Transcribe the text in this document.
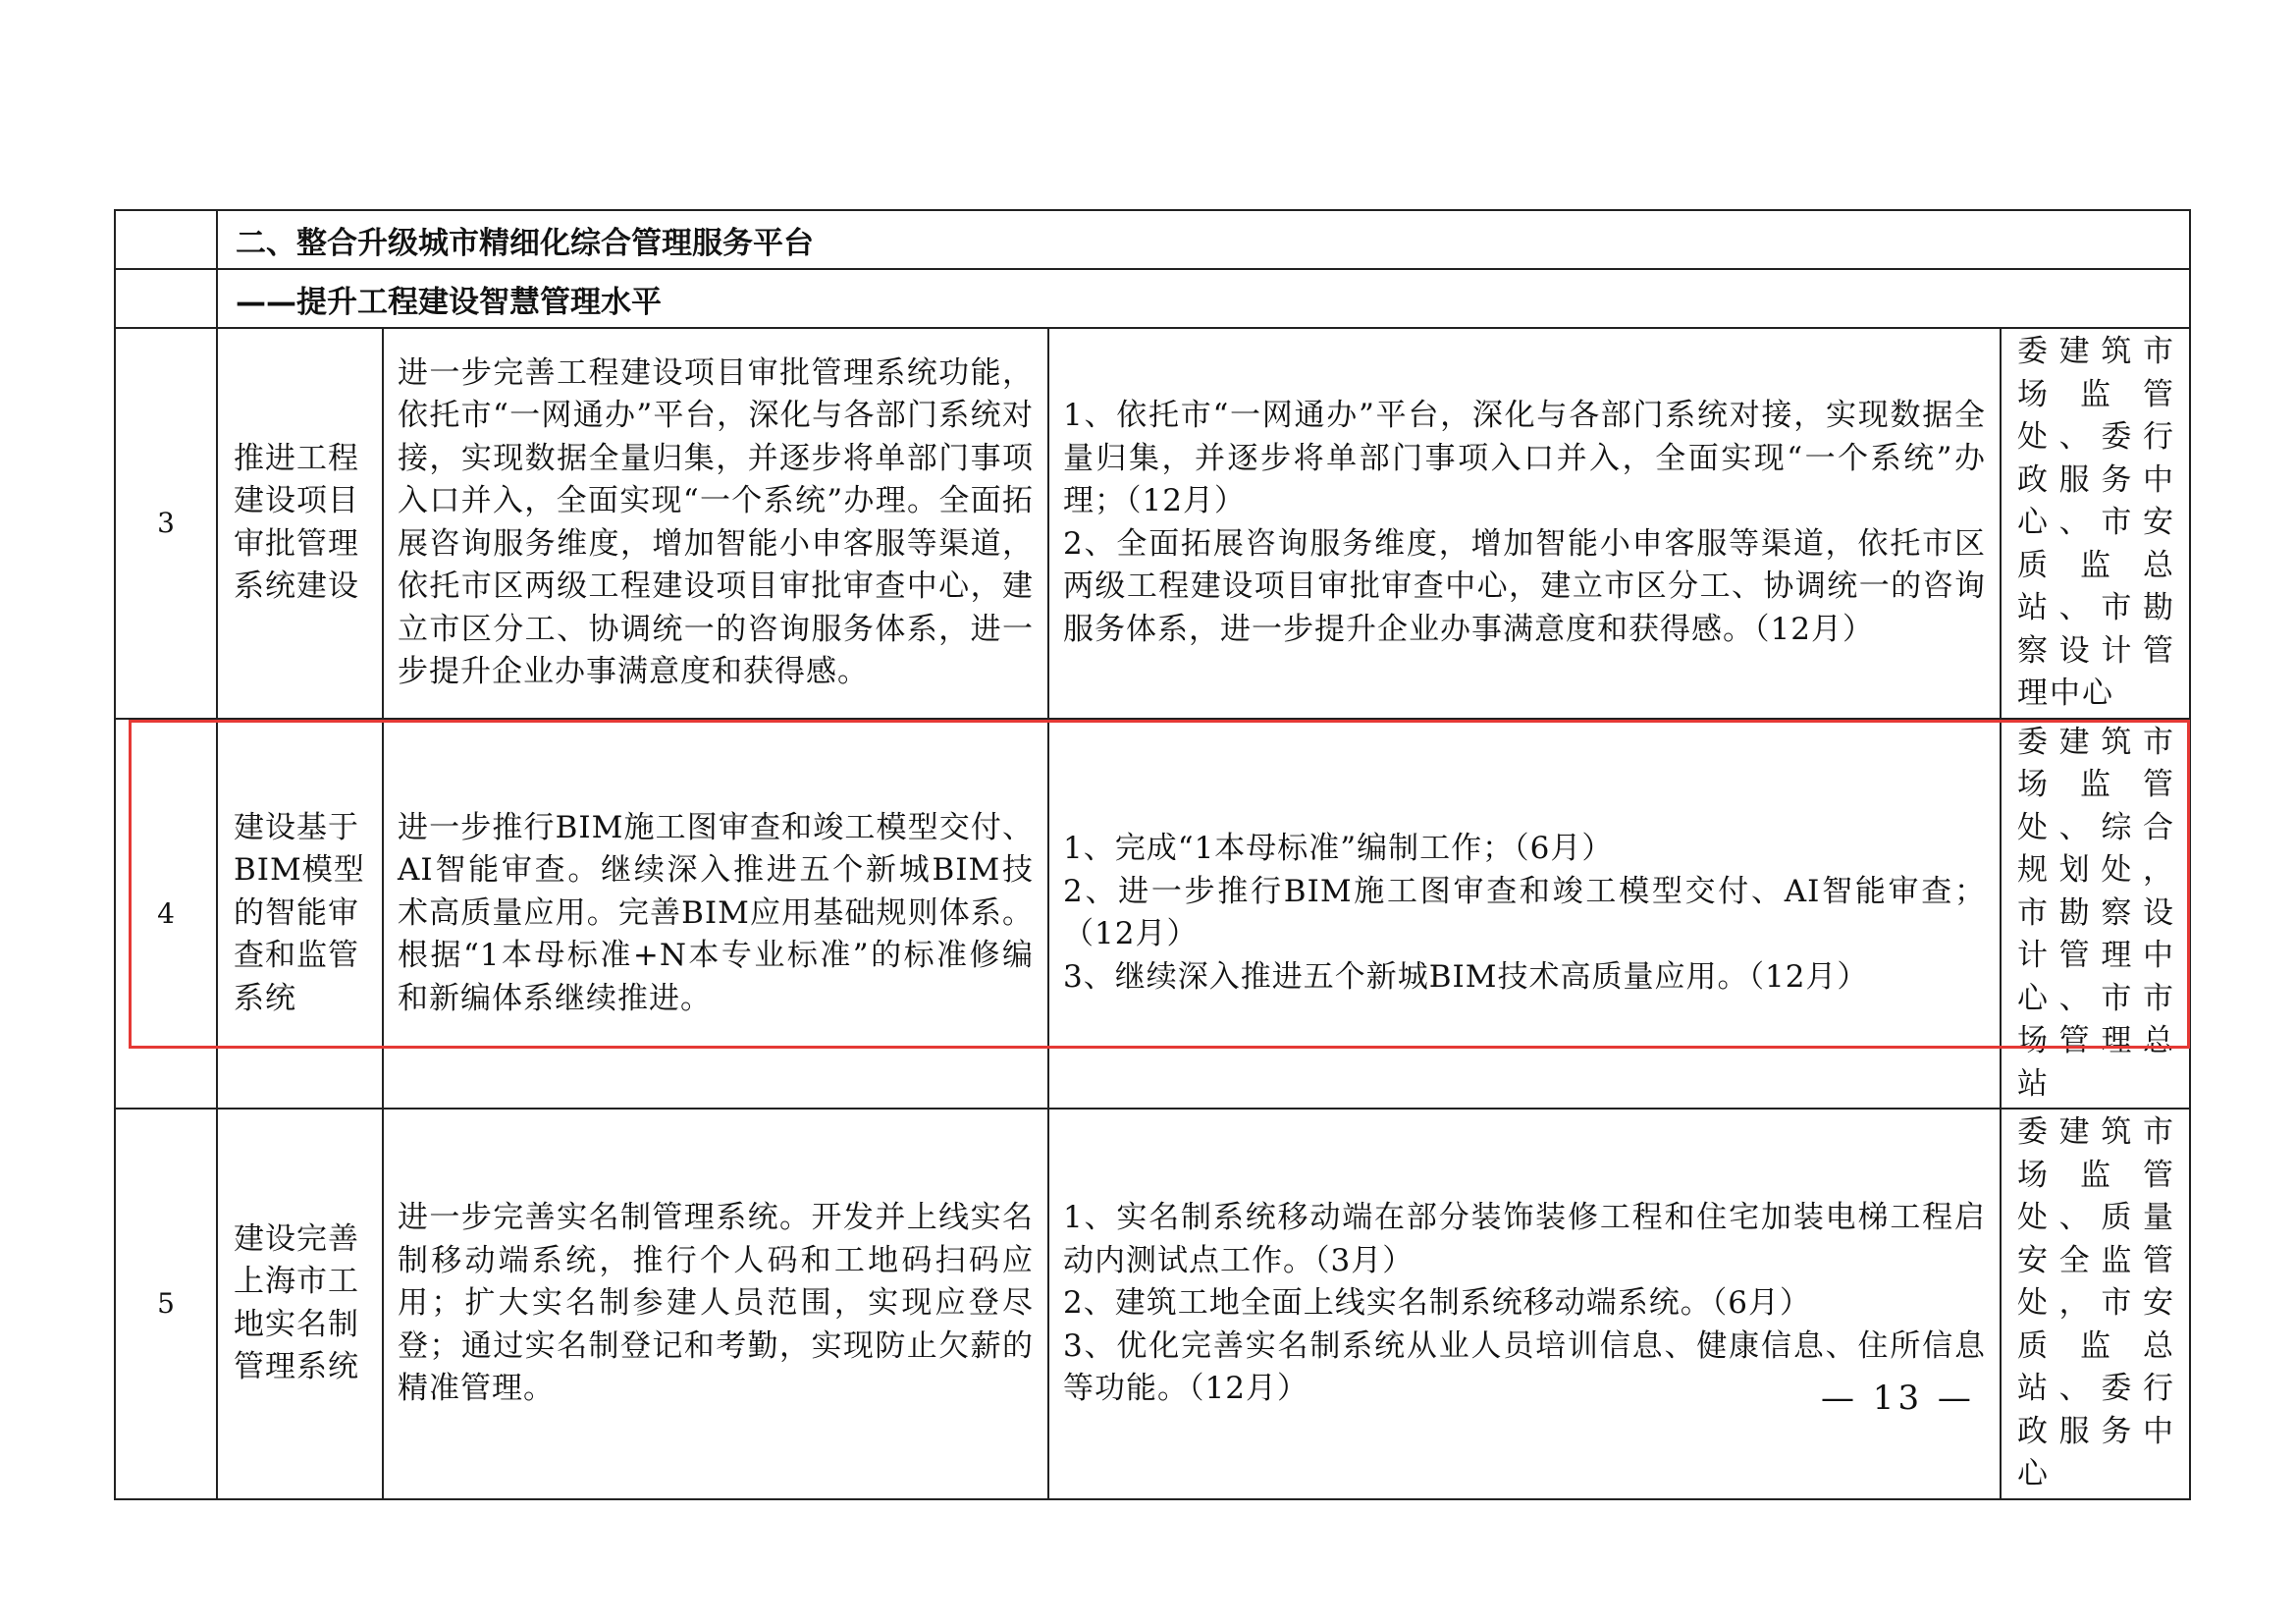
	二、整合升级城市精细化综合管理服务平台			
	——提升工程建设智慧管理水平			
3	推进工程
建设项目
审批管理
系统建设	进一步完善工程建设项目审批管理系统功能，依托市“一网通办”平台，深化与各部门系统对接，实现数据全量归集，并逐步将单部门事项入口并入，全面实现“一个系统”办理。全面拓展咨询服务维度，增加智能小申客服等渠道，依托市区两级工程建设项目审批审查中心，建立市区分工、协调统一的咨询服务体系，进一步提升企业办事满意度和获得感。	1、依托市“一网通办”平台，深化与各部门系统对接，实现数据全量归集，并逐步将单部门事项入口并入，全面实现“一个系统”办理；（12月）
2、全面拓展咨询服务维度，增加智能小申客服等渠道，依托市区两级工程建设项目审批审查中心，建立市区分工、协调统一的咨询服务体系，进一步提升企业办事满意度和获得感。（12月）	委建筑市场监管处、委行政服务中心、市安质监总站、市勘察设计管理中心

4	建设基于
BIM模型
的智能审
查和监管
系统	进一步推行BIM施工图审查和竣工模型交付、AI智能审查。继续深入推进五个新城BIM技术高质量应用。完善BIM应用基础规则体系。根据“1本母标准+N本专业标准”的标准修编和新编体系继续推进。	1、完成“1本母标准”编制工作；（6月）
2、进一步推行BIM施工图审查和竣工模型交付、AI智能审查；（12月）
3、继续深入推进五个新城BIM技术高质量应用。（12月）	委建筑市场监管处、综合规划处，市勘察设计管理中心、市市场管理总站

5	建设完善
上海市工
地实名制
管理系统	进一步完善实名制管理系统。开发并上线实名制移动端系统，推行个人码和工地码扫码应用；扩大实名制参建人员范围，实现应登尽登；通过实名制登记和考勤，实现防止欠薪的精准管理。	1、实名制系统移动端在部分装饰装修工程和住宅加装电梯工程启动内测试点工作。（3月）
2、建筑工地全面上线实名制系统移动端系统。（6月）
3、优化完善实名制系统从业人员培训信息、健康信息、住所信息等功能。（12月）	委建筑市场监管处、质量安全监管处，市安质监总站、委行政服务中心
— 13 —
